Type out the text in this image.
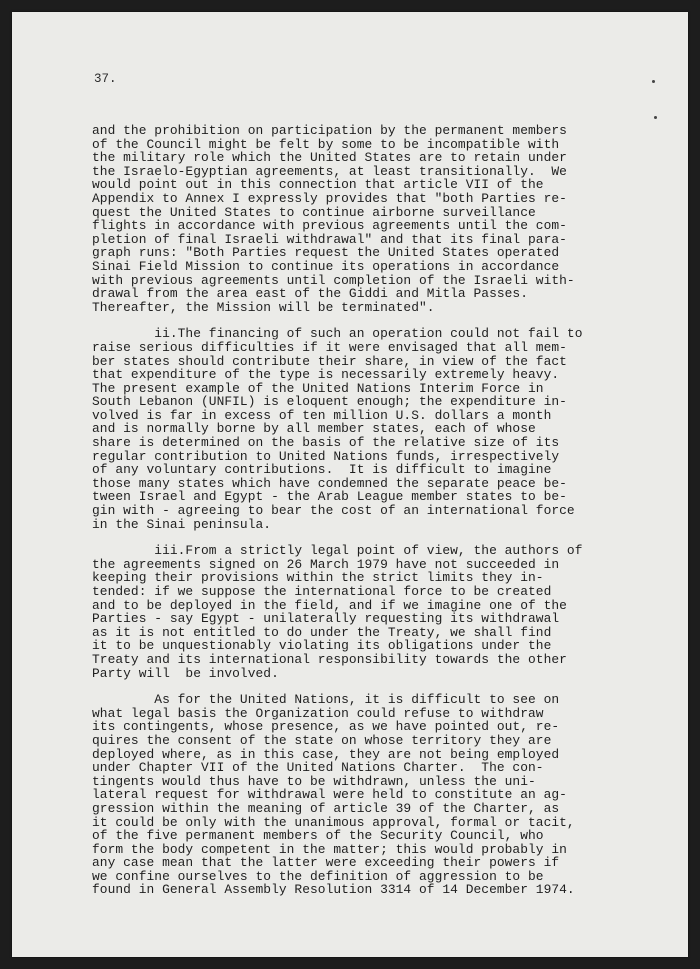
37.

and the prohibition on participation by the permanent members
of the Council might be felt by some to be incompatible with
the military role which the United States are to retain under
the Israelo-Egyptian agreements, at least transitionally.  We
would point out in this connection that article VII of the
Appendix to Annex I expressly provides that "both Parties re-
quest the United States to continue airborne surveillance
flights in accordance with previous agreements until the com-
pletion of final Israeli withdrawal" and that its final para-
graph runs: "Both Parties request the United States operated
Sinai Field Mission to continue its operations in accordance
with previous agreements until completion of the Israeli with-
drawal from the area east of the Giddi and Mitla Passes.
Thereafter, the Mission will be terminated".

ii.The financing of such an operation could not fail to
raise serious difficulties if it were envisaged that all mem-
ber states should contribute their share, in view of the fact
that expenditure of the type is necessarily extremely heavy.
The present example of the United Nations Interim Force in
South Lebanon (UNFIL) is eloquent enough; the expenditure in-
volved is far in excess of ten million U.S. dollars a month
and is normally borne by all member states, each of whose
share is determined on the basis of the relative size of its
regular contribution to United Nations funds, irrespectively
of any voluntary contributions.  It is difficult to imagine
those many states which have condemned the separate peace be-
tween Israel and Egypt - the Arab League member states to be-
gin with - agreeing to bear the cost of an international force
in the Sinai peninsula.

iii.From a strictly legal point of view, the authors of
the agreements signed on 26 March 1979 have not succeeded in
keeping their provisions within the strict limits they in-
tended: if we suppose the international force to be created
and to be deployed in the field, and if we imagine one of the
Parties - say Egypt - unilaterally requesting its withdrawal
as it is not entitled to do under the Treaty, we shall find
it to be unquestionably violating its obligations under the
Treaty and its international responsibility towards the other
Party will  be involved.

As for the United Nations, it is difficult to see on
what legal basis the Organization could refuse to withdraw
its contingents, whose presence, as we have pointed out, re-
quires the consent of the state on whose territory they are
deployed where, as in this case, they are not being employed
under Chapter VII of the United Nations Charter.  The con-
tingents would thus have to be withdrawn, unless the uni-
lateral request for withdrawal were held to constitute an ag-
gression within the meaning of article 39 of the Charter, as
it could be only with the unanimous approval, formal or tacit,
of the five permanent members of the Security Council, who
form the body competent in the matter; this would probably in
any case mean that the latter were exceeding their powers if
we confine ourselves to the definition of aggression to be
found in General Assembly Resolution 3314 of 14 December 1974.
